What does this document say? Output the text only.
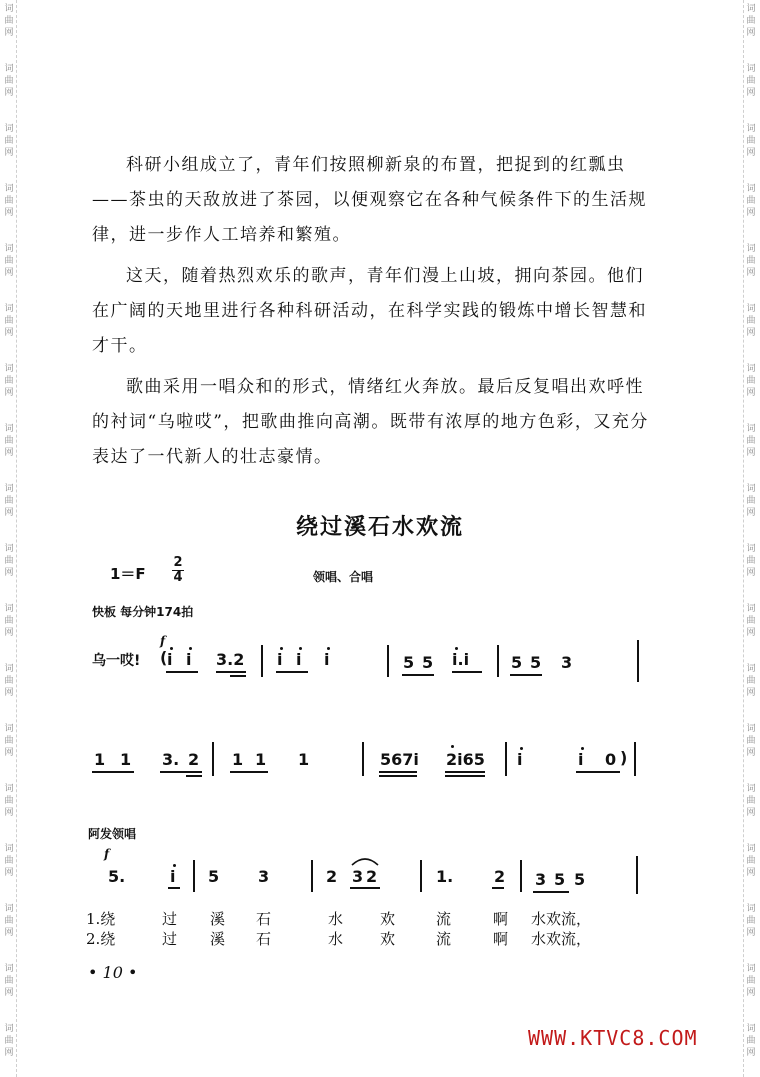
词
曲
网
词
曲
网
词
曲
网
词
曲
网
词
曲
网
词
曲
网
词
曲
网
词
曲
网
词
曲
网
词
曲
网
词
曲
网
词
曲
网
词
曲
网
词
曲
网
词
曲
网
词
曲
网
词
曲
网
词
曲
网
词
曲
网
词
曲
网
词
曲
网
词
曲
网
词
曲
网
词
曲
网
词
曲
网
词
曲
网
词
曲
网
词
曲
网
词
曲
网
词
曲
网
词
曲
网
词
曲
网
词
曲
网
词
曲
网
词
曲
网
词
曲
网

科研小组成立了，青年们按照柳新泉的布置，把捉到的红瓢虫——茶虫的天敌放进了茶园，以便观察它在各种气候条件下的生活规律，进一步作人工培养和繁殖。

这天，随着热烈欢乐的歌声，青年们漫上山坡，拥向茶园。他们在广阔的天地里进行各种科研活动，在科学实践的锻炼中增长智慧和才干。

歌曲采用一唱众和的形式，情绪红火奔放。最后反复唱出欢呼性的衬词“乌啦哎”，把歌曲推向高潮。既带有浓厚的地方色彩，又充分表达了一代新人的壮志豪情。

绕过溪石水欢流
1＝F
2
4	领唱、合唱
快板 每分钟174拍
乌一哎!
f
( i i 3.2 i i i	5 5 i.i	5 5 3
1 1 3. 2 1 1 1	567i 2i65 i	i 0 )
5.	i 5 3	2 3 2	1.	2 3 5 5
阿发领唱
f
1.绕	过 溪 石	水 欢	流	啊 水欢流，
2.绕	过 溪 石	水 欢	流	啊 水欢流，
• 10 •
WWW.KTVC8.COM
